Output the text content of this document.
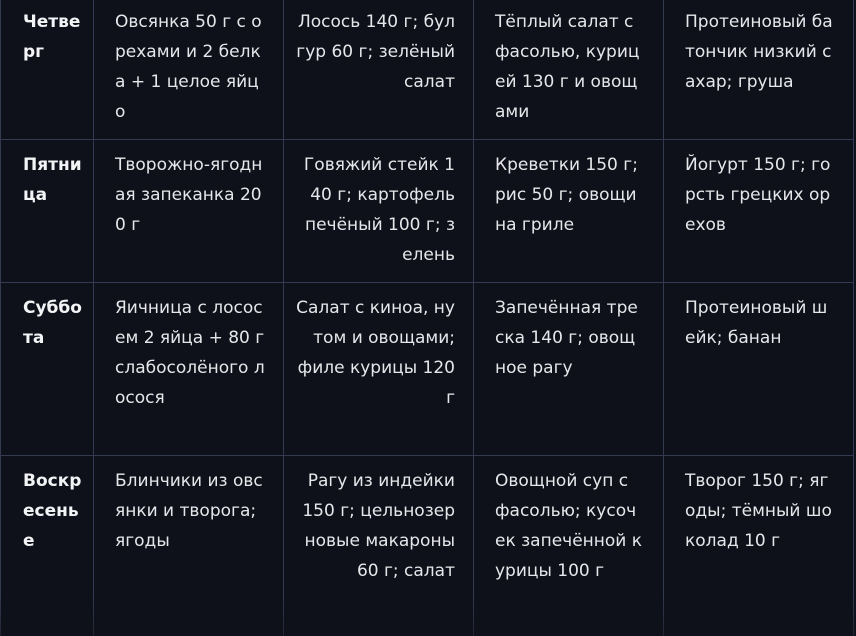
Четверг	Овсянка 50 г с орехами и 2 белка + 1 целое яйцо	Лосось 140 г; булгур 60 г; зелёный салат	Тёплый салат с фасолью, курицей 130 г и овощами	Протеиновый батончик низкий сахар; груша
Пятница	Творожно-ягодная запеканка 200 г	Говяжий стейк 140 г; картофель печёный 100 г; зелень	Креветки 150 г; рис 50 г; овощи на гриле	Йогурт 150 г; горсть грецких орехов
Суббота	Яичница с лососем 2 яйца + 80 г слабосолёного лосося	Салат с киноа, нутом и овощами; филе курицы 120 г	Запечённая треска 140 г; овощное рагу	Протеиновый шейк; банан
Воскресенье	Блинчики из овсянки и творога; ягоды	Рагу из индейки 150 г; цельнозерновые макароны 60 г; салат	Овощной суп с фасолью; кусочек запечённой курицы 100 г	Творог 150 г; ягоды; тёмный шоколад 10 г
